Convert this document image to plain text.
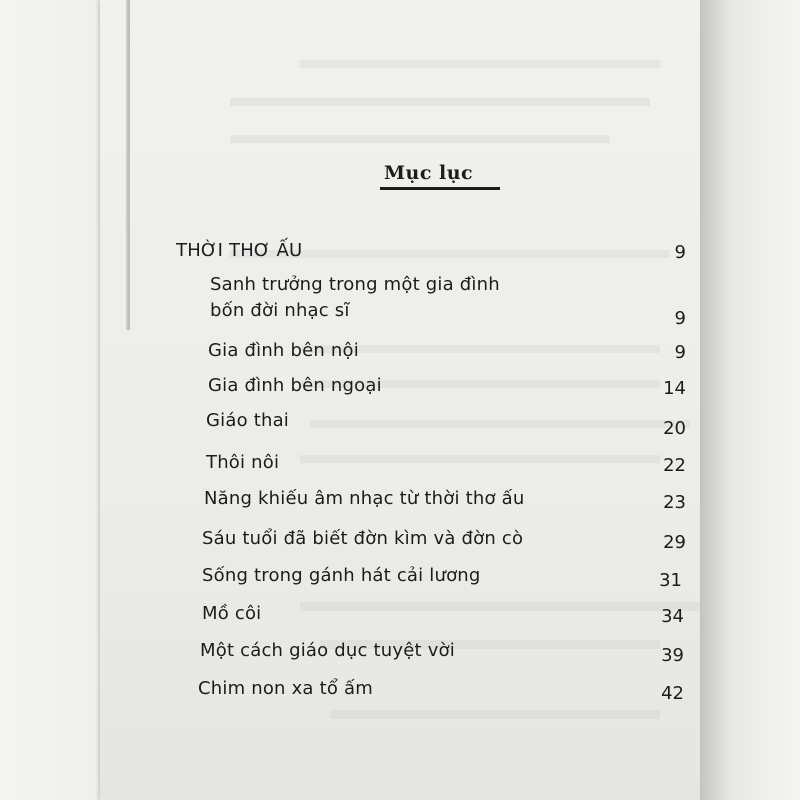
Mục lục
THỜI THƠ ẤU	9
Sanh trưởng trong một gia đình
bốn đời nhạc sĩ	9
Gia đình bên nội	9
Gia đình bên ngoại	14
Giáo thai	20
Thôi nôi	22
Năng khiếu âm nhạc từ thời thơ ấu	23
Sáu tuổi đã biết đờn kìm và đờn cò	29
Sống trong gánh hát cải lương	31
Mồ côi	34
Một cách giáo dục tuyệt vời	39
Chim non xa tổ ấm	42
